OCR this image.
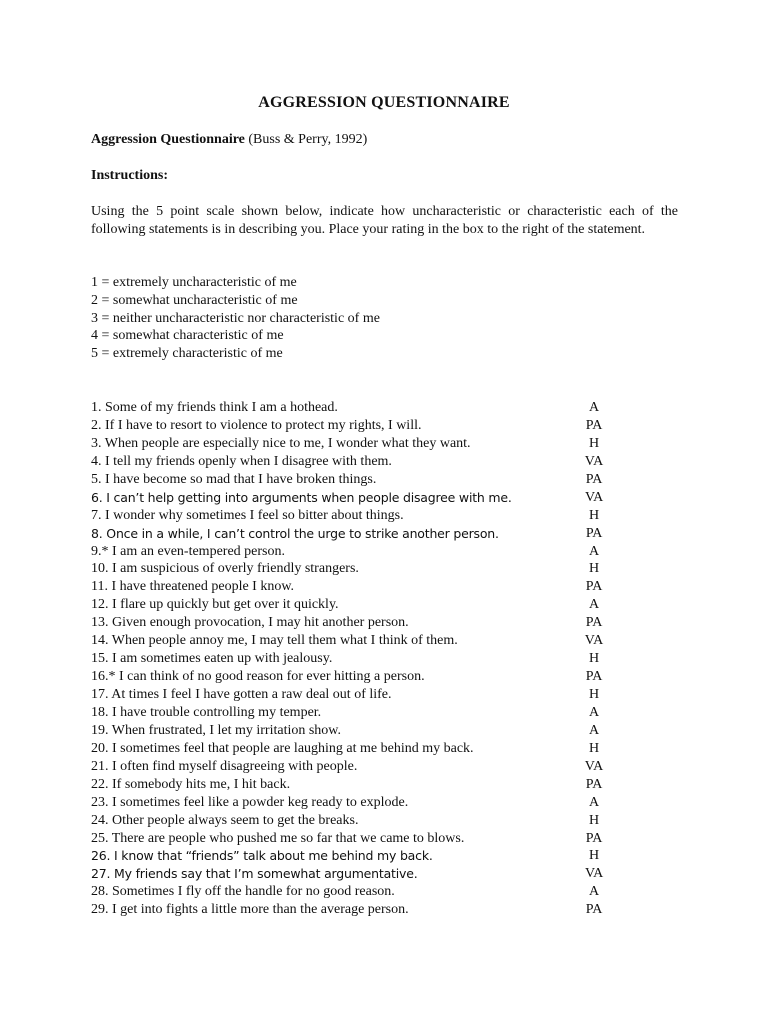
AGGRESSION QUESTIONNAIRE
Aggression Questionnaire (Buss & Perry, 1992)
Instructions:
Using the 5 point scale shown below, indicate how uncharacteristic or characteristic each of the following statements is in describing you. Place your rating in the box to the right of the statement.
1 = extremely uncharacteristic of me
2 = somewhat uncharacteristic of me
3 = neither uncharacteristic nor characteristic of me
4 = somewhat characteristic of me
5 = extremely characteristic of me
1. Some of my friends think I am a hothead.	A
2. If I have to resort to violence to protect my rights, I will.	PA
3. When people are especially nice to me, I wonder what they want.	H
4. I tell my friends openly when I disagree with them.	VA
5. I have become so mad that I have broken things.	PA
6. I can’t help getting into arguments when people disagree with me.	VA
7. I wonder why sometimes I feel so bitter about things.	H
8. Once in a while, I can’t control the urge to strike another person.	PA
9.* I am an even-tempered person.	A
10. I am suspicious of overly friendly strangers.	H
11. I have threatened people I know.	PA
12. I flare up quickly but get over it quickly.	A
13. Given enough provocation, I may hit another person.	PA
14. When people annoy me, I may tell them what I think of them.	VA
15. I am sometimes eaten up with jealousy.	H
16.* I can think of no good reason for ever hitting a person.	PA
17. At times I feel I have gotten a raw deal out of life.	H
18. I have trouble controlling my temper.	A
19. When frustrated, I let my irritation show.	A
20. I sometimes feel that people are laughing at me behind my back.	H
21. I often find myself disagreeing with people.	VA
22. If somebody hits me, I hit back.	PA
23. I sometimes feel like a powder keg ready to explode.	A
24. Other people always seem to get the breaks.	H
25. There are people who pushed me so far that we came to blows.	PA
26. I know that “friends” talk about me behind my back.	H
27. My friends say that I’m somewhat argumentative.	VA
28. Sometimes I fly off the handle for no good reason.	A
29. I get into fights a little more than the average person.	PA
